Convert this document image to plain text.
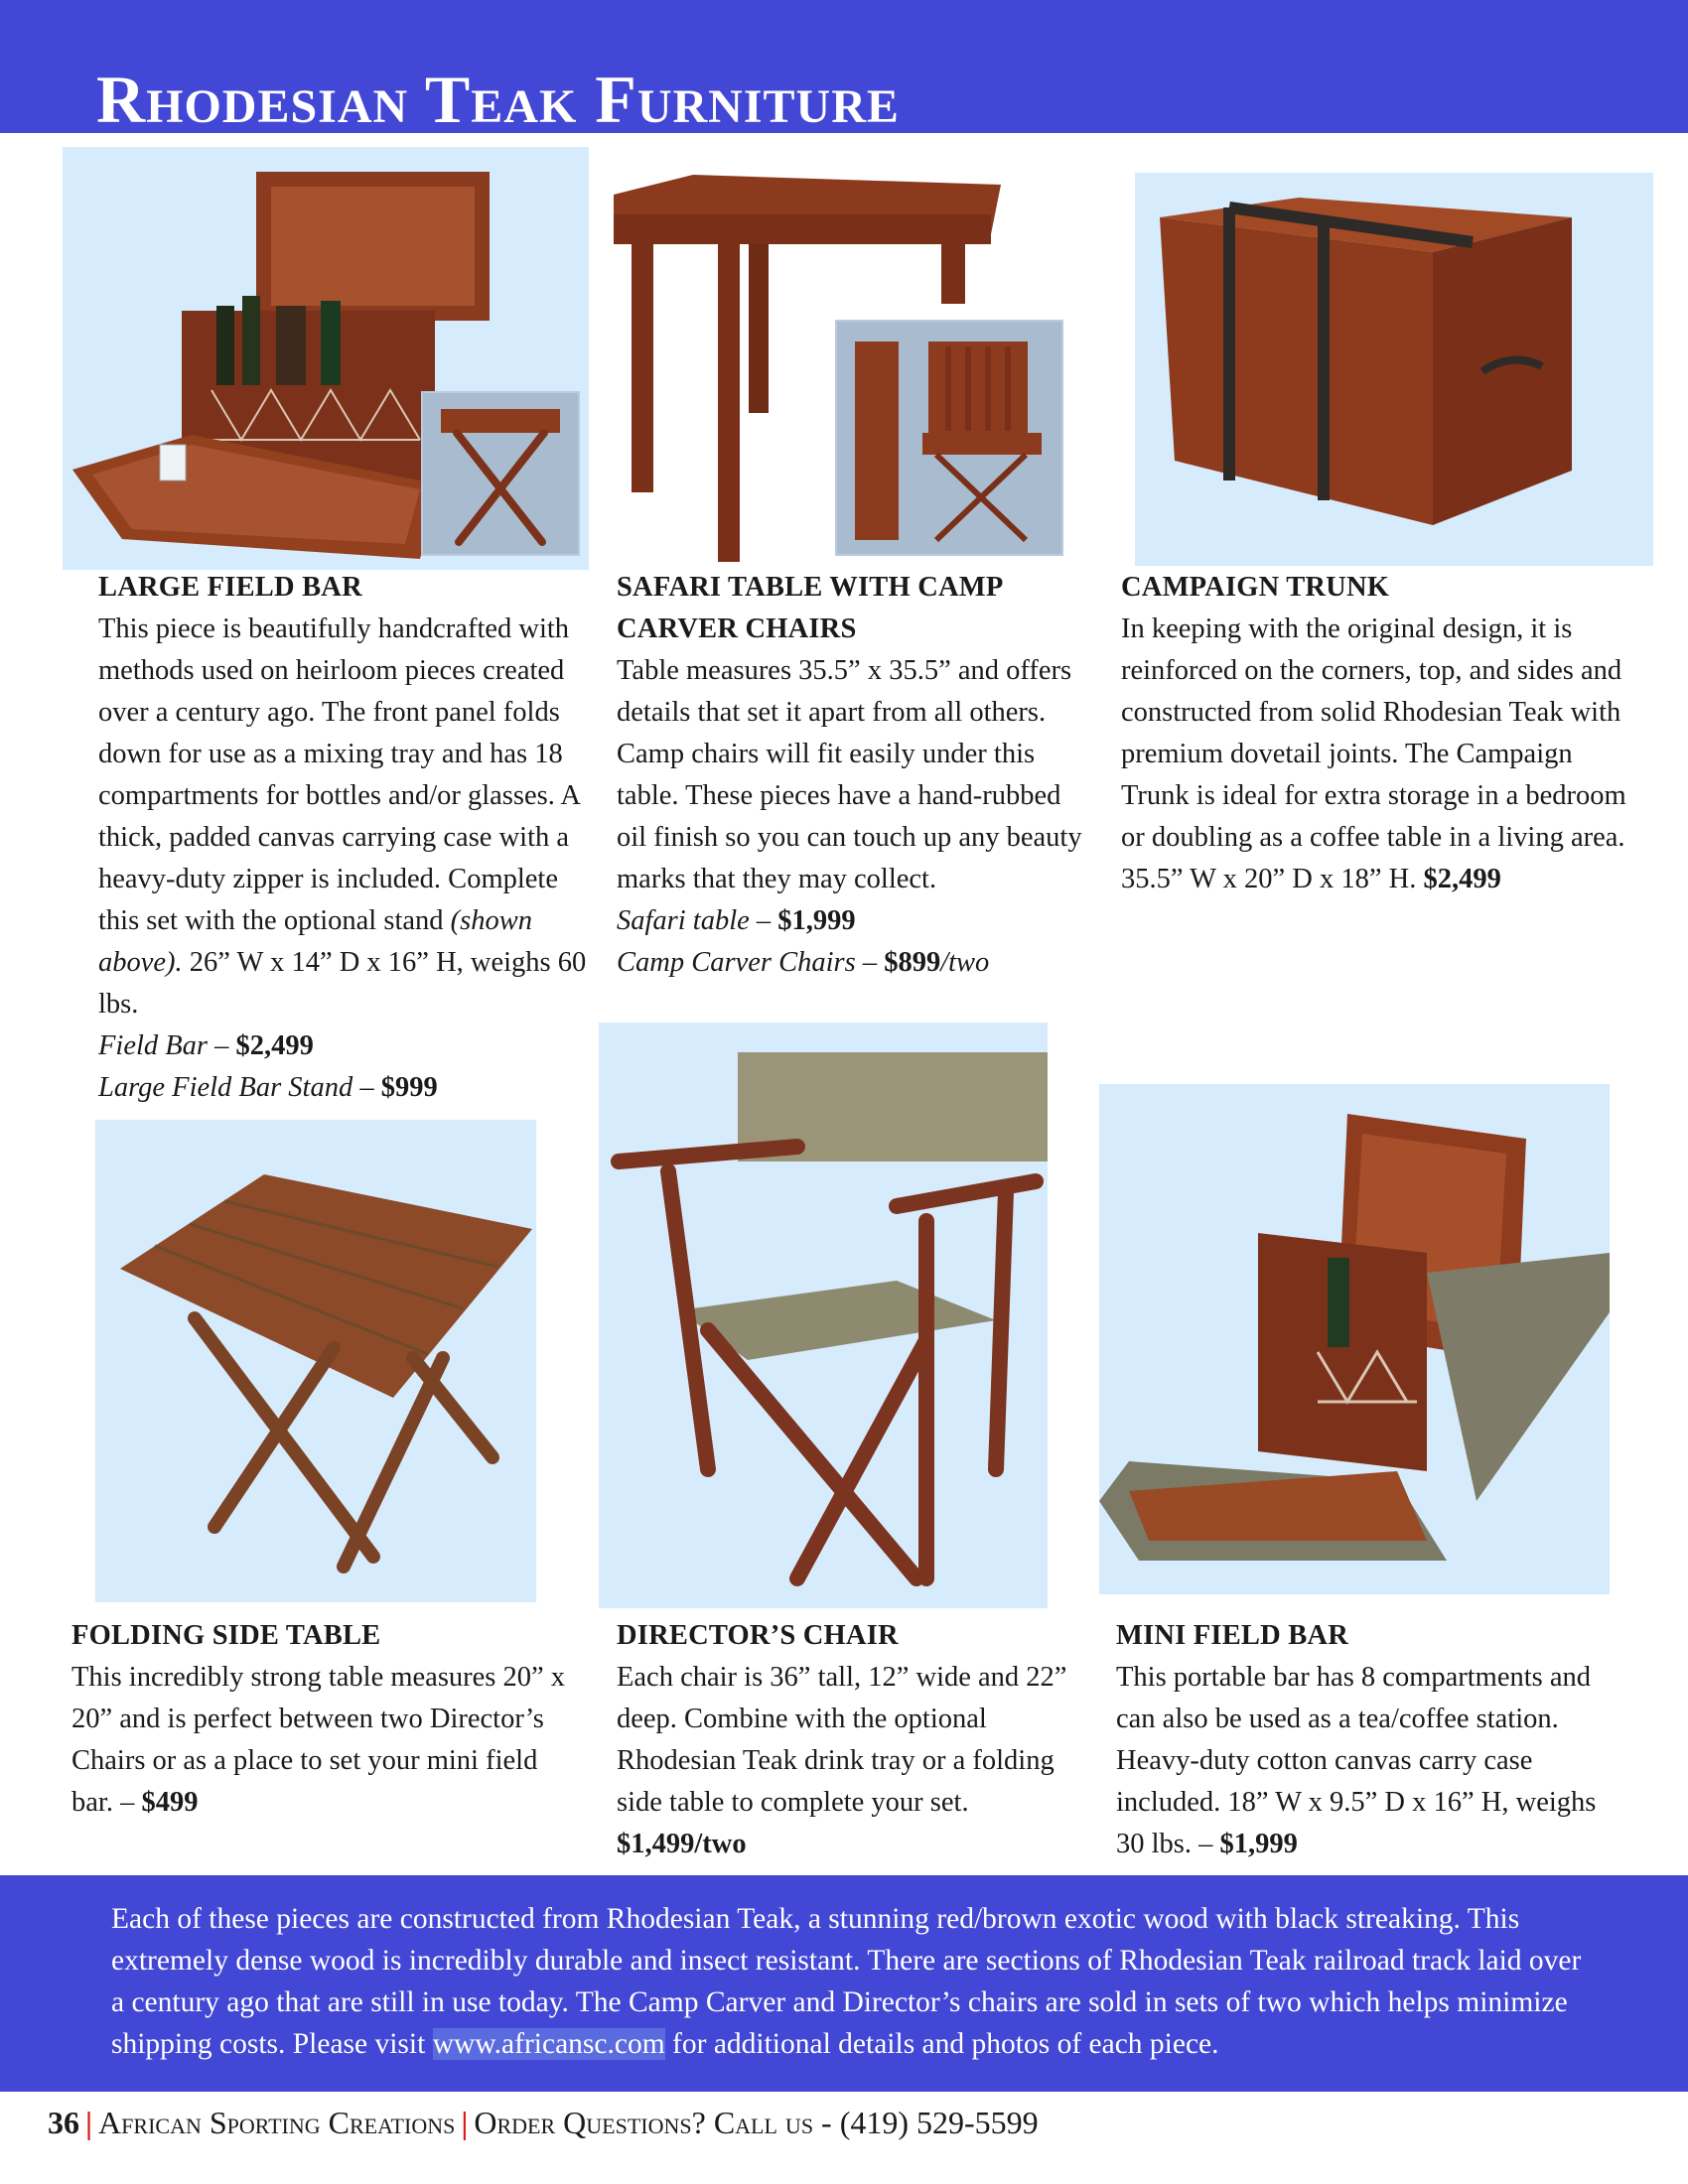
Rhodesian Teak Furniture
LARGE FIELD BAR

This piece is beautifully handcrafted with methods used on heirloom pieces created over a century ago. The front panel folds down for use as a mixing tray and has 18 compartments for bottles and/or glasses. A thick, padded canvas carrying case with a heavy-duty zipper is included. Complete this set with the optional stand (shown above). 26” W x 14” D x 16” H, weighs 60 lbs.

Field Bar – $2,499

Large Field Bar Stand – $999

SAFARI TABLE WITH CAMP CARVER CHAIRS

Table measures 35.5” x 35.5” and offers details that set it apart from all others. Camp chairs will fit easily under this table. These pieces have a hand-rubbed oil finish so you can touch up any beauty marks that they may collect.

Safari table – $1,999

Camp Carver Chairs – $899/two

CAMPAIGN TRUNK

In keeping with the original design, it is reinforced on the corners, top, and sides and constructed from solid Rhodesian Teak with premium dovetail joints. The Campaign Trunk is ideal for extra storage in a bedroom or doubling as a coffee table in a living area. 35.5” W x 20” D x 18” H. $2,499

FOLDING SIDE TABLE

This incredibly strong table measures 20” x 20” and is perfect between two Director’s Chairs or as a place to set your mini field bar. – $499

DIRECTOR’S CHAIR

Each chair is 36” tall, 12” wide and 22” deep. Combine with the optional Rhodesian Teak drink tray or a folding side table to complete your set.

$1,499/two

MINI FIELD BAR

This portable bar has 8 compartments and can also be used as a tea/coffee station. Heavy-duty cotton canvas carry case included. 18” W x 9.5” D x 16” H, weighs 30 lbs. – $1,999

Each of these pieces are constructed from Rhodesian Teak, a stunning red/brown exotic wood with black streaking. This extremely dense wood is incredibly durable and insect resistant. There are sections of Rhodesian Teak railroad track laid over a century ago that are still in use today. The Camp Carver and Director’s chairs are sold in sets of two which helps minimize shipping costs. Please visit www.africansc.com for additional details and photos of each piece.

36 | African Sporting Creations | Order Questions? Call us - (419) 529-5599
